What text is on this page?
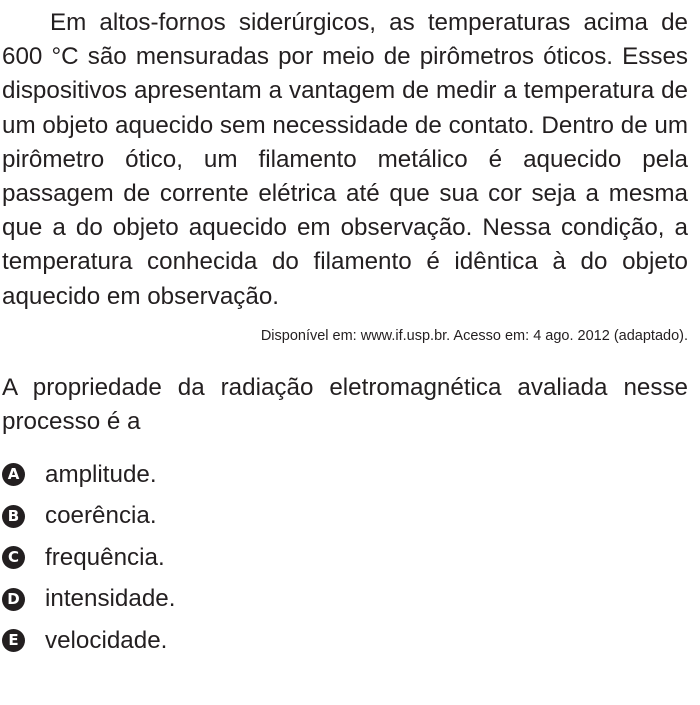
Em altos-fornos siderúrgicos, as temperaturas acima de 600 °C são mensuradas por meio de pirômetros óticos. Esses dispositivos apresentam a vantagem de medir a temperatura de um objeto aquecido sem necessidade de contato. Dentro de um pirômetro ótico, um filamento metálico é aquecido pela passagem de corrente elétrica até que sua cor seja a mesma que a do objeto aquecido em observação. Nessa condição, a temperatura conhecida do filamento é idêntica à do objeto aquecido em observação.

Disponível em: www.if.usp.br. Acesso em: 4 ago. 2012 (adaptado).

A propriedade da radiação eletromagnética avaliada nesse processo é a

A amplitude.
B coerência.
C frequência.
D intensidade.
E velocidade.
